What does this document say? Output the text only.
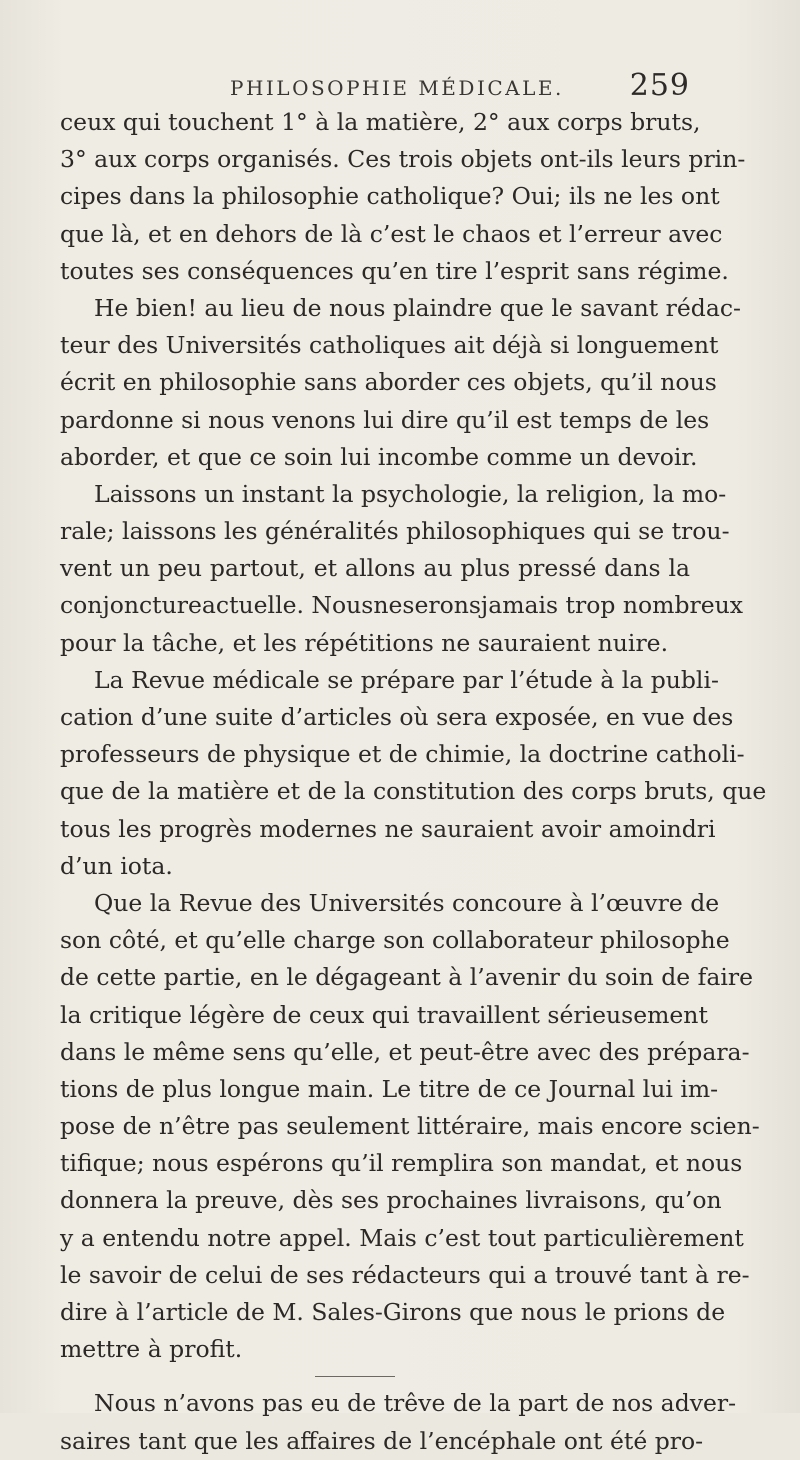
PHILOSOPHIE MÉDICALE. 259
ceux qui touchent 1° à la matière, 2° aux corps bruts,
3° aux corps organisés. Ces trois objets ont-ils leurs prin-
cipes dans la philosophie catholique? Oui; ils ne les ont
que là, et en dehors de là c’est le chaos et l’erreur avec
toutes ses conséquences qu’en tire l’esprit sans régime.
He bien! au lieu de nous plaindre que le savant rédac-
teur des Universités catholiques ait déjà si longuement
écrit en philosophie sans aborder ces objets, qu’il nous
pardonne si nous venons lui dire qu’il est temps de les
aborder, et que ce soin lui incombe comme un devoir.
Laissons un instant la psychologie, la religion, la mo-
rale; laissons les généralités philosophiques qui se trou-
vent un peu partout, et allons au plus pressé dans la
conjonctureactuelle. Nousneseronsjamais trop nombreux
pour la tâche, et les répétitions ne sauraient nuire.
La Revue médicale se prépare par l’étude à la publi-
cation d’une suite d’articles où sera exposée, en vue des
professeurs de physique et de chimie, la doctrine catholi-
que de la matière et de la constitution des corps bruts, que
tous les progrès modernes ne sauraient avoir amoindri
d’un iota.
Que la Revue des Universités concoure à l’œuvre de
son côté, et qu’elle charge son collaborateur philosophe
de cette partie, en le dégageant à l’avenir du soin de faire
la critique légère de ceux qui travaillent sérieusement
dans le même sens qu’elle, et peut-être avec des prépara-
tions de plus longue main. Le titre de ce Journal lui im-
pose de n’être pas seulement littéraire, mais encore scien-
tifique; nous espérons qu’il remplira son mandat, et nous
donnera la preuve, dès ses prochaines livraisons, qu’on
y a entendu notre appel. Mais c’est tout particulièrement
le savoir de celui de ses rédacteurs qui a trouvé tant à re-
dire à l’article de M. Sales-Girons que nous le prions de
mettre à profit.
Nous n’avons pas eu de trêve de la part de nos adver-
saires tant que les affaires de l’encéphale ont été pro-
